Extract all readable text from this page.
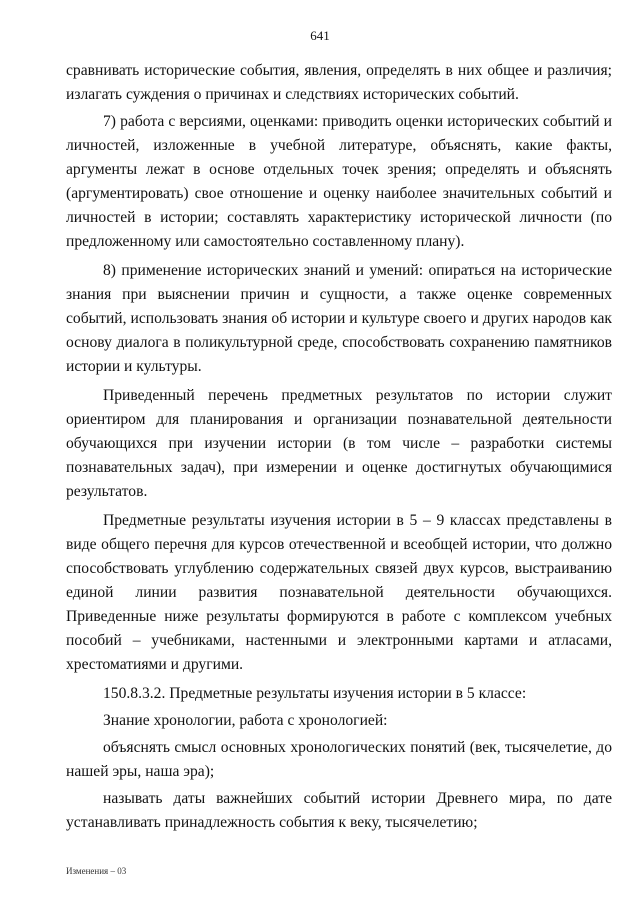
641

сравнивать исторические события, явления, определять в них общее и различия; излагать суждения о причинах и следствиях исторических событий.

7) работа с версиями, оценками: приводить оценки исторических событий и личностей, изложенные в учебной литературе, объяснять, какие факты, аргументы лежат в основе отдельных точек зрения; определять и объяснять (аргументировать) свое отношение и оценку наиболее значительных событий и личностей в истории; составлять характеристику исторической личности (по предложенному или самостоятельно составленному плану).

8) применение исторических знаний и умений: опираться на исторические знания при выяснении причин и сущности, а также оценке современных событий, использовать знания об истории и культуре своего и других народов как основу диалога в поликультурной среде, способствовать сохранению памятников истории и культуры.

Приведенный перечень предметных результатов по истории служит ориентиром для планирования и организации познавательной деятельности обучающихся при изучении истории (в том числе – разработки системы познавательных задач), при измерении и оценке достигнутых обучающимися результатов.

Предметные результаты изучения истории в 5 – 9 классах представлены в виде общего перечня для курсов отечественной и всеобщей истории, что должно способствовать углублению содержательных связей двух курсов, выстраиванию единой линии развития познавательной деятельности обучающихся. Приведенные ниже результаты формируются в работе с комплексом учебных пособий – учебниками, настенными и электронными картами и атласами, хрестоматиями и другими.

150.8.3.2. Предметные результаты изучения истории в 5 классе:

Знание хронологии, работа с хронологией:

объяснять смысл основных хронологических понятий (век, тысячелетие, до нашей эры, наша эра);

называть даты важнейших событий истории Древнего мира, по дате устанавливать принадлежность события к веку, тысячелетию;

Изменения – 03
